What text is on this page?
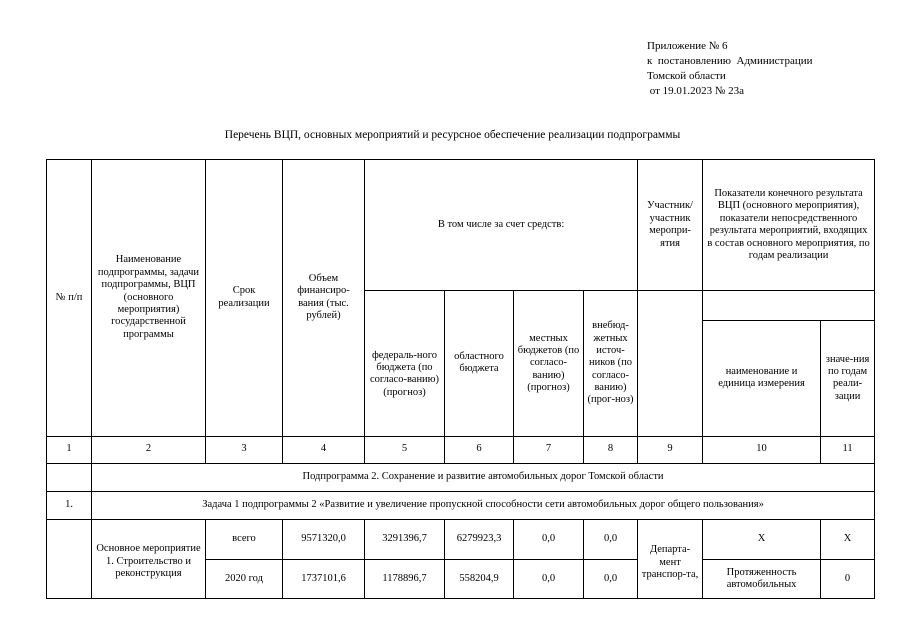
Приложение № 6
к  постановлению  Администрации
Томской области
от 19.01.2023 № 23а
Перечень ВЦП, основных мероприятий и ресурсное обеспечение реализации подпрограммы
№ п/п	Наименование подпрограммы, задачи подпрограммы, ВЦП (основного мероприятия) государственной программы	Срок реализации	Объем финансиро-вания (тыс. рублей)	В том числе за счет средств:				Участник/ участник меропри-ятия	Показатели конечного результата ВЦП (основного мероприятия), показатели непосредственного результата мероприятий, входящих в состав основного мероприятия, по годам реализации	

				федераль-ного бюджета (по согласо-ванию) (прогноз)	областного бюджета	местных бюджетов (по согласо-ванию) (прогноз)	внебюд-жетных источ-ников (по согласо-ванию) (прог-ноз)			
									наименование и единица измерения	значе-ния по годам реали-зации
1	2	3	4	5	6	7	8	9	10	11
	Подпрограмма 2. Сохранение и развитие автомобильных дорог Томской области									
1.	Задача 1 подпрограммы 2 «Развитие и увеличение пропускной способности сети автомобильных дорог общего пользования»									

	Основное мероприятие 1. Строительство и реконструкция	всего	9571320,0	3291396,7	6279923,3	0,0	0,0	Департа-мент транспор-та,	Х	Х
		2020 год	1737101,6	1178896,7	558204,9	0,0	0,0		Протяженность автомобильных	0
